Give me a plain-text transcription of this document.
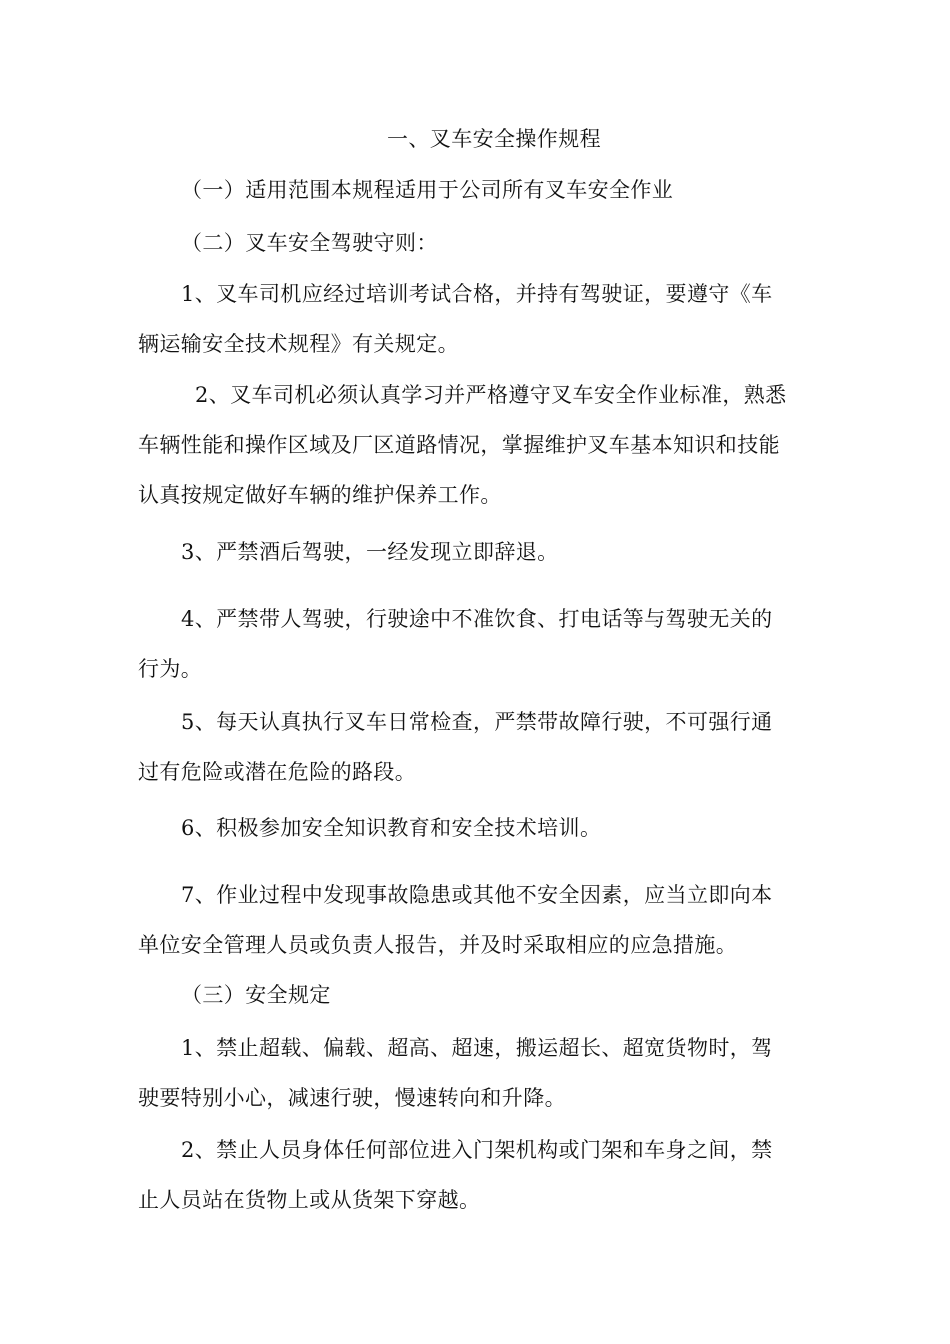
一、叉车安全操作规程
（一）适用范围本规程适用于公司所有叉车安全作业
（二）叉车安全驾驶守则：
1、叉车司机应经过培训考试合格，并持有驾驶证，要遵守《车
辆运输安全技术规程》有关规定。
2、叉车司机必须认真学习并严格遵守叉车安全作业标准，熟悉
车辆性能和操作区域及厂区道路情况，掌握维护叉车基本知识和技能
认真按规定做好车辆的维护保养工作。
3、严禁酒后驾驶，一经发现立即辞退。
4、严禁带人驾驶，行驶途中不准饮食、打电话等与驾驶无关的
行为。
5、每天认真执行叉车日常检查，严禁带故障行驶，不可强行通
过有危险或潜在危险的路段。
6、积极参加安全知识教育和安全技术培训。
7、作业过程中发现事故隐患或其他不安全因素，应当立即向本
单位安全管理人员或负责人报告，并及时采取相应的应急措施。
（三）安全规定
1、禁止超载、偏载、超高、超速，搬运超长、超宽货物时，驾
驶要特别小心，减速行驶，慢速转向和升降。
2、禁止人员身体任何部位进入门架机构或门架和车身之间，禁
止人员站在货物上或从货架下穿越。
